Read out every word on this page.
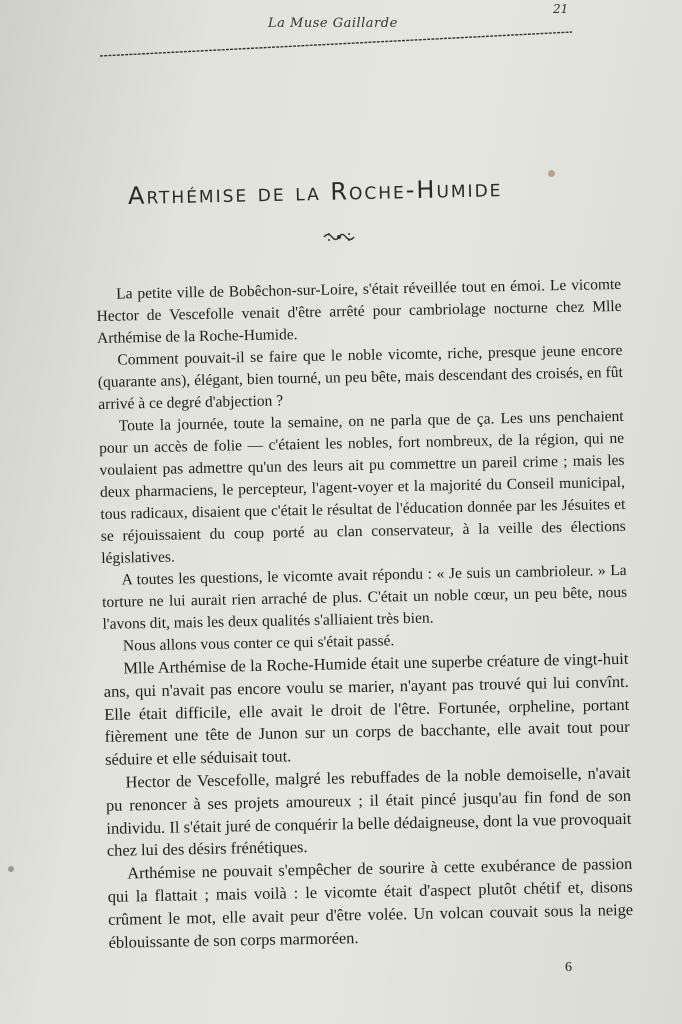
La Muse Gaillarde
21
Arthémise de la Roche-Humide

La petite ville de Bobêchon-sur-Loire, s'était réveillée tout en émoi. Le vicomte Hector de Vescefolle venait d'être arrêté pour cambriolage nocturne chez Mlle Arthémise de la Roche-Humide.

Comment pouvait-il se faire que le noble vicomte, riche, presque jeune encore (quarante ans), élégant, bien tourné, un peu bête, mais descendant des croisés, en fût arrivé à ce degré d'abjection ?

Toute la journée, toute la semaine, on ne parla que de ça. Les uns penchaient pour un accès de folie — c'étaient les nobles, fort nombreux, de la région, qui ne voulaient pas admettre qu'un des leurs ait pu commettre un pareil crime ; mais les deux pharmaciens, le percepteur, l'agent-voyer et la majorité du Conseil municipal, tous radicaux, disaient que c'était le résultat de l'éducation donnée par les Jésuites et se réjouissaient du coup porté au clan conservateur, à la veille des élections législatives.

A toutes les questions, le vicomte avait répondu : « Je suis un cambrioleur. » La torture ne lui aurait rien arraché de plus. C'était un noble cœur, un peu bête, nous l'avons dit, mais les deux qualités s'alliaient très bien.

Nous allons vous conter ce qui s'était passé.

Mlle Arthémise de la Roche-Humide était une superbe créature de vingt-huit ans, qui n'avait pas encore voulu se marier, n'ayant pas trouvé qui lui convînt. Elle était difficile, elle avait le droit de l'être. Fortunée, orpheline, portant fièrement une tête de Junon sur un corps de bacchante, elle avait tout pour séduire et elle séduisait tout.

Hector de Vescefolle, malgré les rebuffades de la noble demoiselle, n'avait pu renoncer à ses projets amoureux ; il était pincé jusqu'au fin fond de son individu. Il s'était juré de conquérir la belle dédaigneuse, dont la vue provoquait chez lui des désirs frénétiques.

Arthémise ne pouvait s'empêcher de sourire à cette exubérance de passion qui la flattait ; mais voilà : le vicomte était d'aspect plutôt chétif et, disons crûment le mot, elle avait peur d'être volée. Un volcan couvait sous la neige éblouissante de son corps marmoréen.

6
